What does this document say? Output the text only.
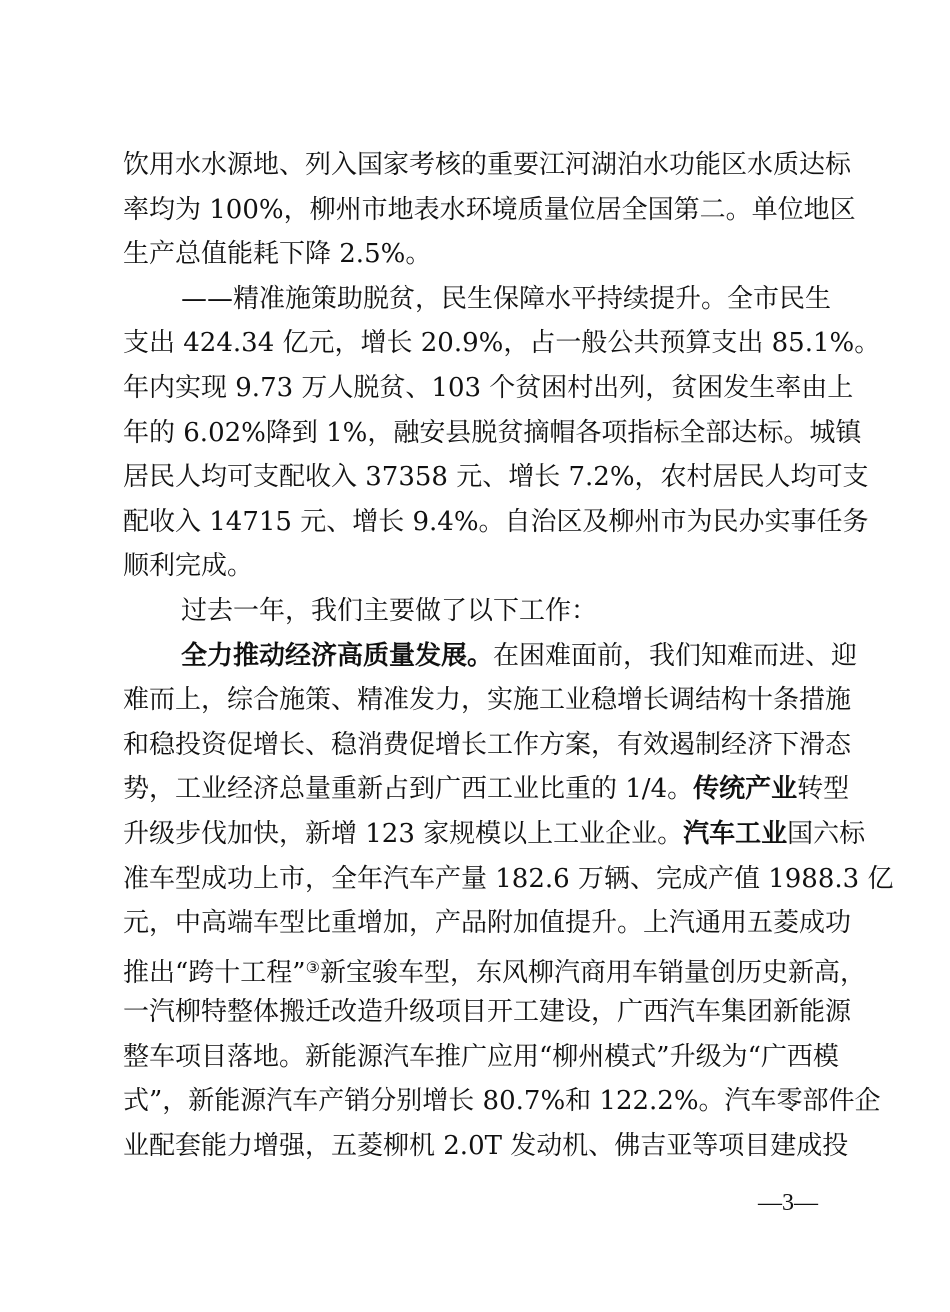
饮用水水源地、列入国家考核的重要江河湖泊水功能区水质达标
率均为 100%，柳州市地表水环境质量位居全国第二。单位地区
生产总值能耗下降 2.5%。
——精准施策助脱贫，民生保障水平持续提升。全市民生
支出 424.34 亿元，增长 20.9%，占一般公共预算支出 85.1%。
年内实现 9.73 万人脱贫、103 个贫困村出列，贫困发生率由上
年的 6.02%降到 1%，融安县脱贫摘帽各项指标全部达标。城镇
居民人均可支配收入 37358 元、增长 7.2%，农村居民人均可支
配收入 14715 元、增长 9.4%。自治区及柳州市为民办实事任务
顺利完成。
过去一年，我们主要做了以下工作：
全力推动经济高质量发展。在困难面前，我们知难而进、迎
难而上，综合施策、精准发力，实施工业稳增长调结构十条措施
和稳投资促增长、稳消费促增长工作方案，有效遏制经济下滑态
势，工业经济总量重新占到广西工业比重的 1/4。传统产业转型
升级步伐加快，新增 123 家规模以上工业企业。汽车工业国六标
准车型成功上市，全年汽车产量 182.6 万辆、完成产值 1988.3 亿
元，中高端车型比重增加，产品附加值提升。上汽通用五菱成功
推出“跨十工程”③新宝骏车型，东风柳汽商用车销量创历史新高，
一汽柳特整体搬迁改造升级项目开工建设，广西汽车集团新能源
整车项目落地。新能源汽车推广应用“柳州模式”升级为“广西模
式”，新能源汽车产销分别增长 80.7%和 122.2%。汽车零部件企
业配套能力增强，五菱柳机 2.0T 发动机、佛吉亚等项目建成投
—3—
